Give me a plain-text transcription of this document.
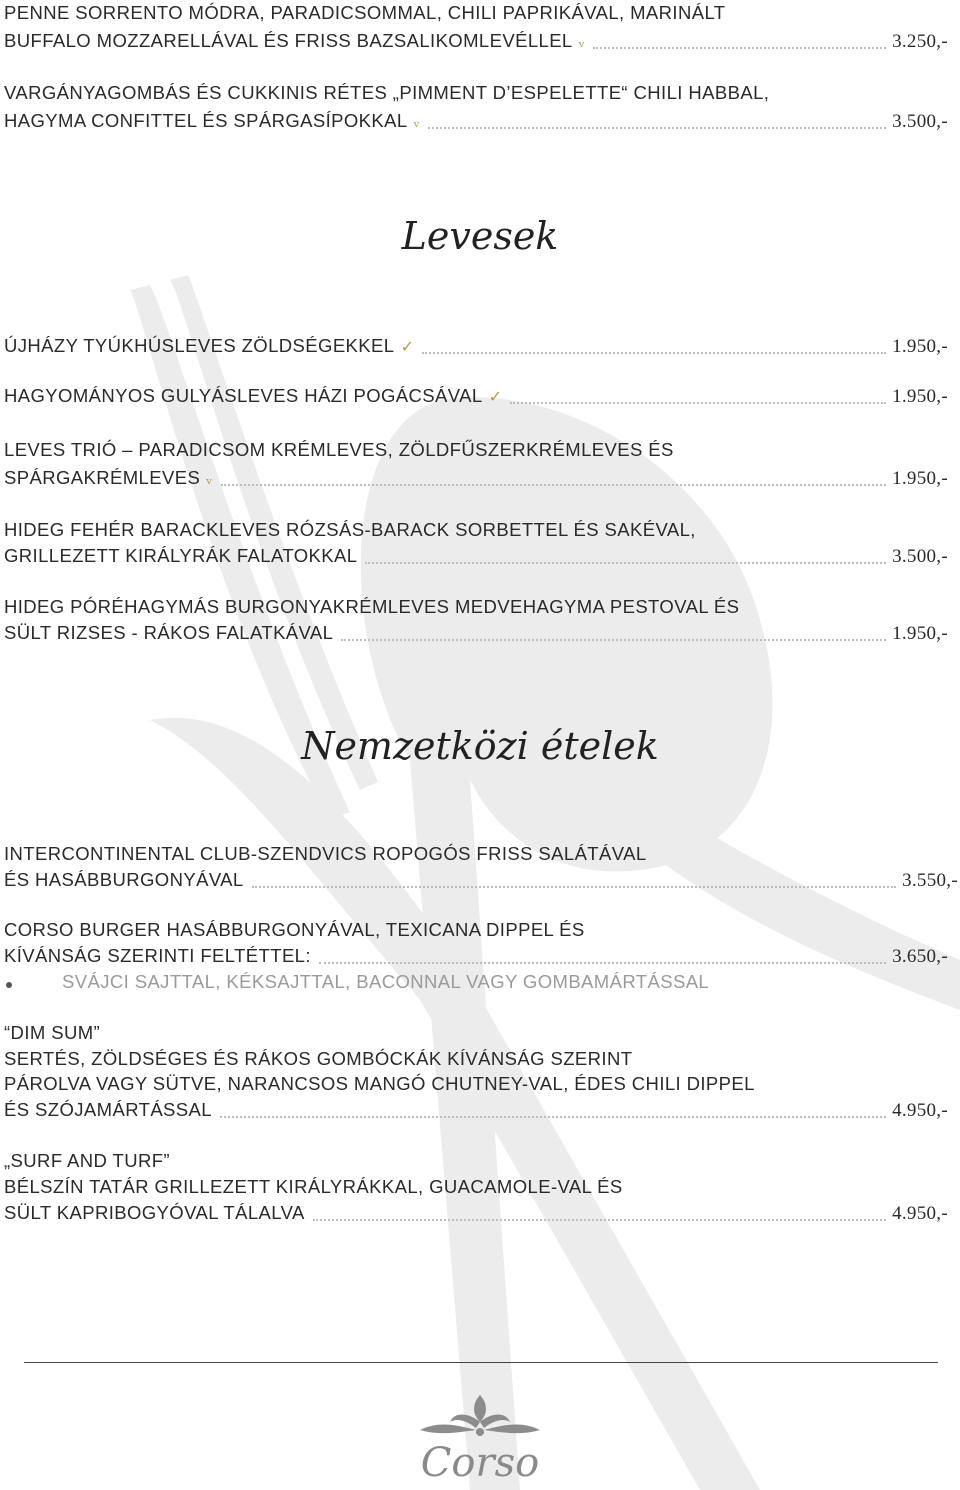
PENNE SORRENTO MÓDRA, PARADICSOMMAL, CHILI PAPRIKÁVAL, MARINÁLT
BUFFALO MOZZARELLÁVAL ÉS FRISS BAZSALIKOMLEVÉLLEL ᵥ	3.250,-
VARGÁNYAGOMBÁS ÉS CUKKINIS RÉTES „PIMMENT D’ESPELETTE“ CHILI HABBAL,
HAGYMA CONFITTEL ÉS SPÁRGASÍPOKKAL ᵥ	3.500,-
Levesek
ÚJHÁZY TYÚKHÚSLEVES ZÖLDSÉGEKKEL ✓	1.950,-
HAGYOMÁNYOS GULYÁSLEVES HÁZI POGÁCSÁVAL ✓	1.950,-
LEVES TRIÓ – PARADICSOM KRÉMLEVES, ZÖLDFŰSZERKRÉMLEVES ÉS
SPÁRGAKRÉMLEVES ᵥ	1.950,-
HIDEG FEHÉR BARACKLEVES RÓZSÁS-BARACK SORBETTEL ÉS SAKÉVAL,
GRILLEZETT KIRÁLYRÁK FALATOKKAL	3.500,-
HIDEG PÓRÉHAGYMÁS BURGONYAKRÉMLEVES MEDVEHAGYMA PESTOVAL ÉS
SÜLT RIZSES - RÁKOS FALATKÁVAL	1.950,-
Nemzetközi ételek
INTERCONTINENTAL CLUB-SZENDVICS ROPOGÓS FRISS SALÁTÁVAL
ÉS HASÁBBURGONYÁVAL	3.550,-
CORSO BURGER HASÁBBURGONYÁVAL, TEXICANA DIPPEL ÉS
KÍVÁNSÁG SZERINTI FELTÉTTEL:	3.650,-
SVÁJCI SAJTTAL, KÉKSAJTTAL, BACONNAL VAGY GOMBAMÁRTÁSSAL
“DIM SUM”
SERTÉS, ZÖLDSÉGES ÉS RÁKOS GOMBÓCKÁK KÍVÁNSÁG SZERINT
PÁROLVA VAGY SÜTVE, NARANCSOS MANGÓ CHUTNEY-VAL, ÉDES CHILI DIPPEL
ÉS SZÓJAMÁRTÁSSAL	4.950,-
„SURF AND TURF”
BÉLSZÍN TATÁR GRILLEZETT KIRÁLYRÁKKAL, GUACAMOLE-VAL ÉS
SÜLT KAPRIBOGYÓVAL TÁLALVA	4.950,-
Corso
